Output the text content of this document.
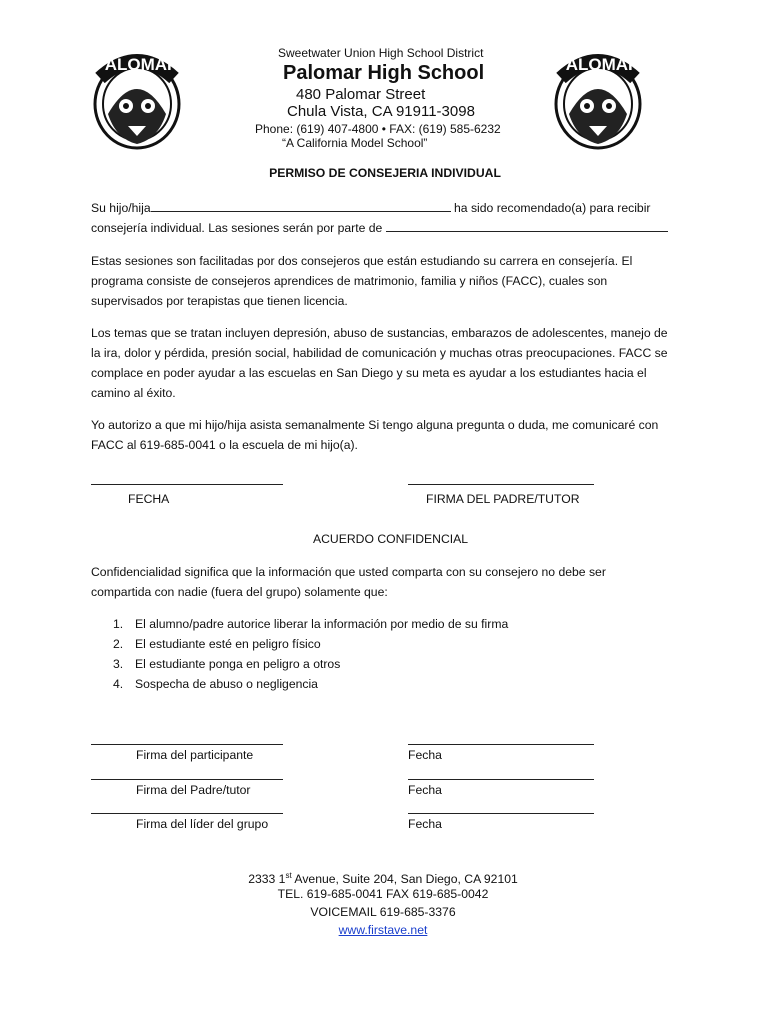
PALOMAR	PALOMAR
Sweetwater Union High School District
Palomar High School
480 Palomar Street
Chula Vista, CA 91911-3098
Phone: (619) 407-4800 • FAX: (619) 585-6232
“A California Model School”
PERMISO DE CONSEJERIA INDIVIDUAL
Su hijo/hija	ha sido recomendado(a) para recibir
consejería individual. Las sesiones serán por parte de
Estas sesiones son facilitadas por dos consejeros que están estudiando su carrera en consejería. El programa consiste de consejeros aprendices de matrimonio, familia y niños (FACC), cuales son supervisados por terapistas que tienen licencia.
Los temas que se tratan incluyen depresión, abuso de sustancias, embarazos de adolescentes, manejo de la ira, dolor y pérdida, presión social, habilidad de comunicación y muchas otras preocupaciones. FACC se complace en poder ayudar a las escuelas en San Diego y su meta es ayudar a los estudiantes hacia el camino al éxito.
Yo autorizo a que mi hijo/hija asista semanalmente Si tengo alguna pregunta o duda, me comunicaré con FACC al 619-685-0041 o la escuela de mi hijo(a).
FECHA	FIRMA DEL PADRE/TUTOR
ACUERDO CONFIDENCIAL
Confidencialidad significa que la información que usted comparta con su consejero no debe ser compartida con nadie (fuera del grupo) solamente que:
1. El alumno/padre autorice liberar la información por medio de su firma
2. El estudiante esté en peligro físico
3. El estudiante ponga en peligro a otros
4. Sospecha de abuso o negligencia
Firma del participante	Fecha
Firma del Padre/tutor	Fecha
Firma del líder del grupo	Fecha
2333 1st Avenue, Suite 204, San Diego, CA 92101
TEL. 619-685-0041 FAX 619-685-0042
VOICEMAIL 619-685-3376
www.firstave.net
